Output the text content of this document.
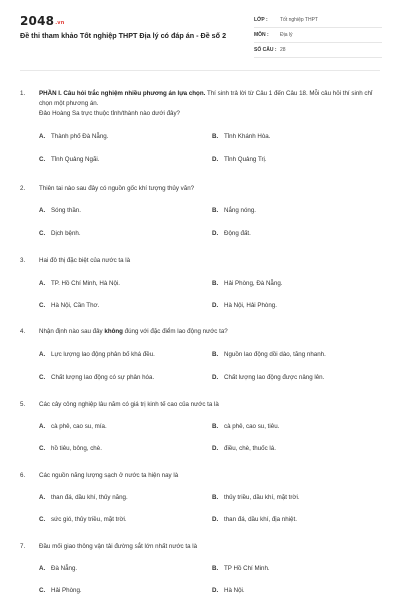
2048.vn
Đề thi tham khảo Tốt nghiệp THPT Địa lý có đáp án - Đề số 2
LỚP :	Tốt nghiệp THPT
MÔN :	Địa lý
SỐ CÂU : 28
1.	PHẦN I. Câu hỏi trắc nghiệm nhiều phương án lựa chọn. Thí sinh trả lời từ Câu 1 đến Câu 18. Mỗi câu hỏi thí sinh chỉ chọn một phương án.
Đảo Hoàng Sa trực thuộc tỉnh/thành nào dưới đây?
A. Thành phố Đà Nẵng.	B. Tỉnh Khánh Hòa.
C. Tỉnh Quảng Ngãi.	D. Tỉnh Quảng Trị.
2.	Thiên tai nào sau đây có nguồn gốc khí tượng thủy văn?
A. Sóng thần.	B. Nắng nóng.
C. Dịch bệnh.	D. Động đất.
3.	Hai đô thị đặc biệt của nước ta là
A. TP. Hồ Chí Minh, Hà Nội.	B. Hải Phòng, Đà Nẵng.
C. Hà Nội, Cần Thơ.	D. Hà Nội, Hải Phòng.
4.	Nhận định nào sau đây không đúng với đặc điểm lao động nước ta?
A. Lực lượng lao động phân bố khá đều.	B. Nguồn lao động dồi dào, tăng nhanh.
C. Chất lượng lao động có sự phân hóa.	D. Chất lượng lao động được nâng lên.
5.	Các cây công nghiệp lâu năm có giá trị kinh tế cao của nước ta là
A. cà phê, cao su, mía.	B. cà phê, cao su, tiêu.
C. hồ tiêu, bông, chè.	D. điều, chè, thuốc lá.
6.	Các nguồn năng lượng sạch ở nước ta hiện nay là
A. than đá, dầu khí, thủy năng.	B. thủy triều, dầu khí, mặt trời.
C. sức gió, thủy triều, mặt trời.	D. than đá, dầu khí, địa nhiệt.
7.	Đầu mối giao thông vận tải đường sắt lớn nhất nước ta là
A. Đà Nẵng.	B. TP Hồ Chí Minh.
C. Hải Phòng.	D. Hà Nội.
